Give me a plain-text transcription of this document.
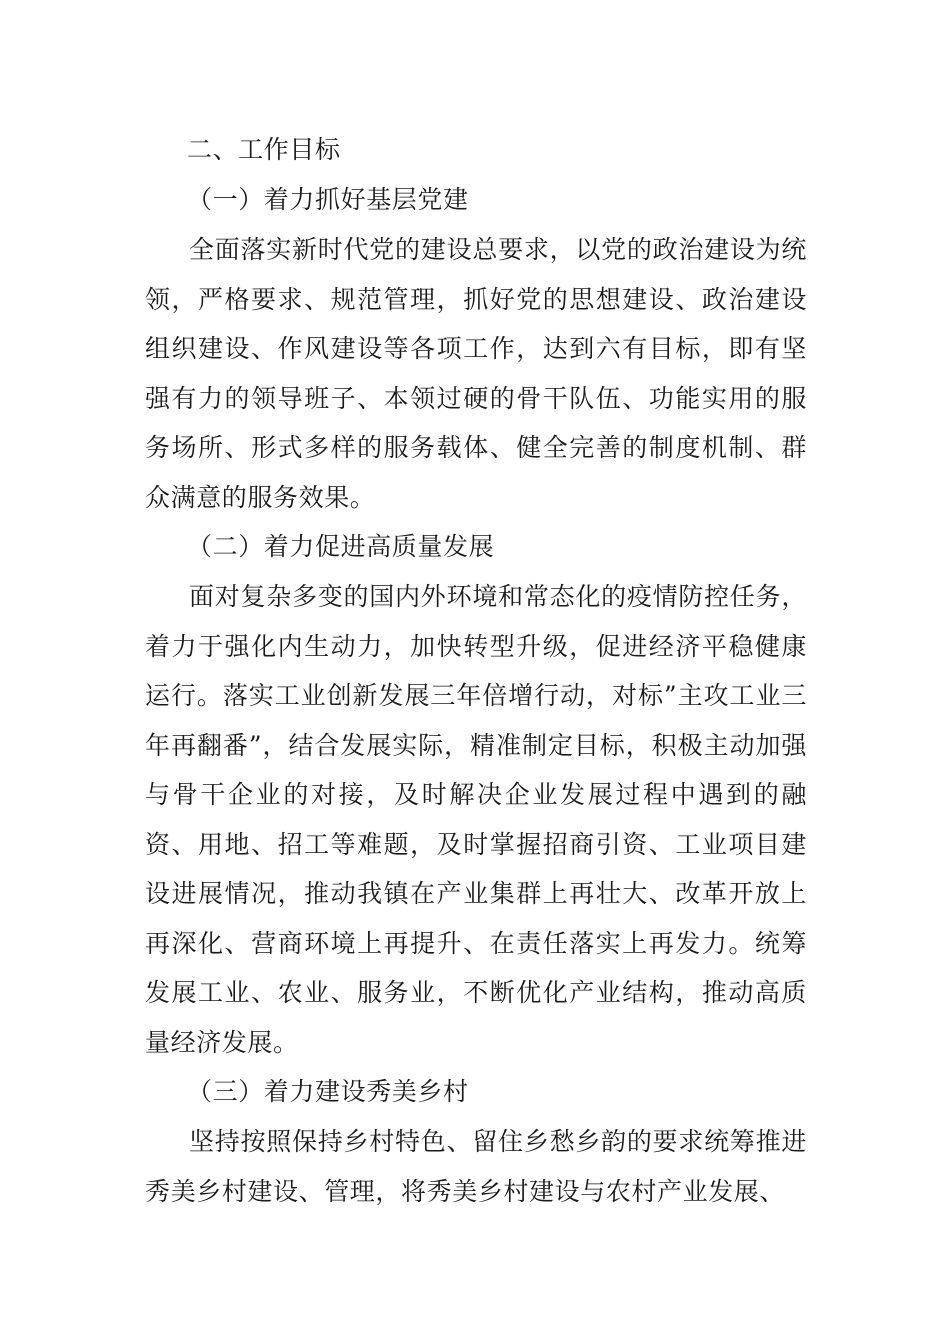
二、工作目标

（一）着力抓好基层党建

全面落实新时代党的建设总要求，以党的政治建设为统领，严格要求、规范管理，抓好党的思想建设、政治建设组织建设、作风建设等各项工作，达到六有目标，即有坚强有力的领导班子、本领过硬的骨干队伍、功能实用的服务场所、形式多样的服务载体、健全完善的制度机制、群众满意的服务效果。

（二）着力促进高质量发展

面对复杂多变的国内外环境和常态化的疫情防控任务，着力于强化内生动力，加快转型升级，促进经济平稳健康运行。落实工业创新发展三年倍增行动，对标”主攻工业三年再翻番”，结合发展实际，精准制定目标，积极主动加强与骨干企业的对接，及时解决企业发展过程中遇到的融资、用地、招工等难题，及时掌握招商引资、工业项目建设进展情况，推动我镇在产业集群上再壮大、改革开放上再深化、营商环境上再提升、在责任落实上再发力。统筹发展工业、农业、服务业，不断优化产业结构，推动高质量经济发展。

（三）着力建设秀美乡村

坚持按照保持乡村特色、留住乡愁乡韵的要求统筹推进秀美乡村建设、管理，将秀美乡村建设与农村产业发展、
